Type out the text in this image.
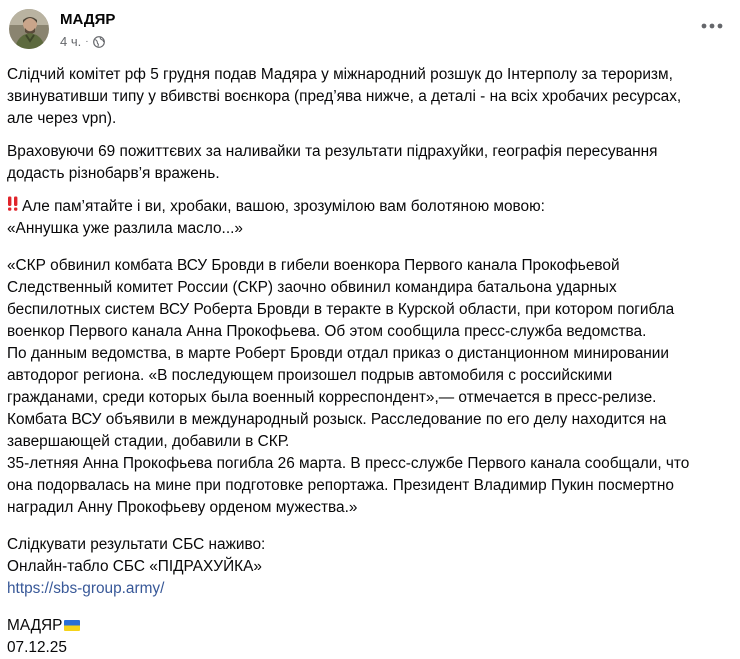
МАДЯР
4 ч. ·

Слідчий комітет рф 5 грудня подав Мадяра у міжнародний розшук до Інтерполу за тероризм,
звинувативши типу у вбивстві воєнкора (пред’ява нижче, а деталі - на всіх хробачих ресурсах,
але через vpn).

Враховуючи 69 пожиттєвих за наливайки та результати підрахуйки, географія пересування
додасть різнобарв’я вражень.

Але пам’ятайте і ви, хробаки, вашою, зрозумілою вам болотяною мовою:
«Аннушка уже разлила масло...»

«СКР обвинил комбата ВСУ Бровди в гибели военкора Первого канала Прокофьевой
Следственный комитет России (СКР) заочно обвинил командира батальона ударных
беспилотных систем ВСУ Роберта Бровди в теракте в Курской области, при котором погибла
военкор Первого канала Анна Прокофьева. Об этом сообщила пресс-служба ведомства.
По данным ведомства, в марте Роберт Бровди отдал приказ о дистанционном минировании
автодорог региона. «В последующем произошел подрыв автомобиля с российскими
гражданами, среди которых была военный корреспондент»,— отмечается в пресс-релизе.
Комбата ВСУ объявили в международный розыск. Расследование по его делу находится на
завершающей стадии, добавили в СКР.
35-летняя Анна Прокофьева погибла 26 марта. В пресс-службе Первого канала сообщали, что
она подорвалась на мине при подготовке репортажа. Президент Владимир Пукин посмертно
наградил Анну Прокофьеву орденом мужества.»

Слідкувати результати СБС наживо:
Онлайн-табло СБС «ПІДРАХУЙКА»
https://sbs-group.army/

МАДЯР
07.12.25
